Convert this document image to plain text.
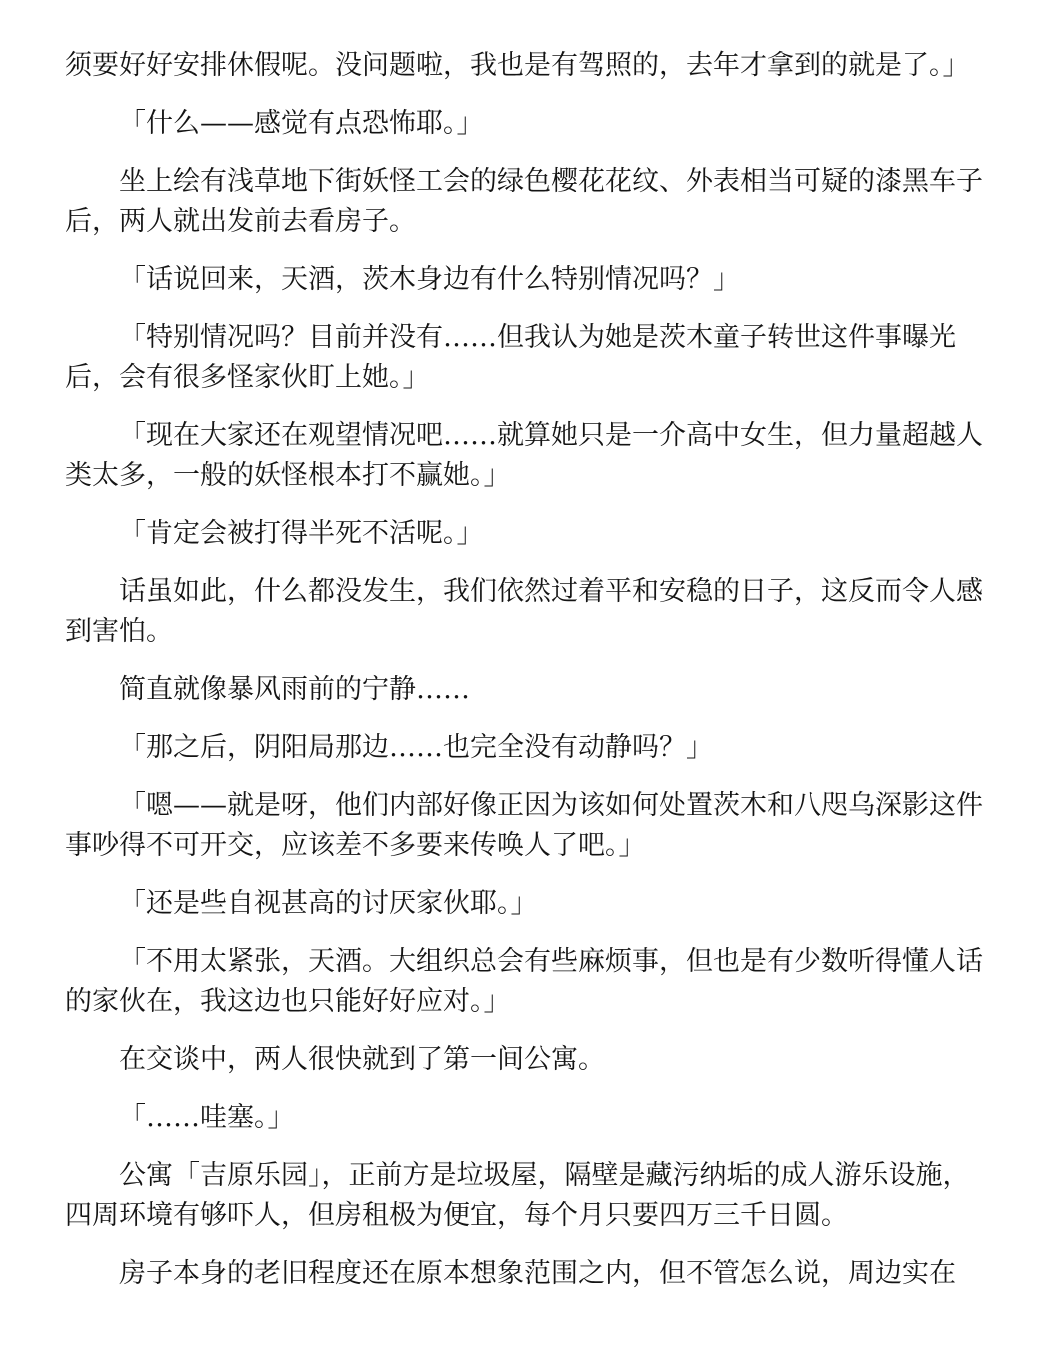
须要好好安排休假呢。没问题啦，我也是有驾照的，去年才拿到的就是了。」

「什么——感觉有点恐怖耶。」

坐上绘有浅草地下街妖怪工会的绿色樱花花纹、外表相当可疑的漆黑车子
后，两人就出发前去看房子。

「话说回来，天酒，茨木身边有什么特别情况吗？」

「特别情况吗？目前并没有……但我认为她是茨木童子转世这件事曝光
后，会有很多怪家伙盯上她。」

「现在大家还在观望情况吧……就算她只是一介高中女生，但力量超越人
类太多，一般的妖怪根本打不赢她。」

「肯定会被打得半死不活呢。」

话虽如此，什么都没发生，我们依然过着平和安稳的日子，这反而令人感
到害怕。

简直就像暴风雨前的宁静……

「那之后，阴阳局那边……也完全没有动静吗？」

「嗯——就是呀，他们内部好像正因为该如何处置茨木和八咫乌深影这件
事吵得不可开交，应该差不多要来传唤人了吧。」

「还是些自视甚高的讨厌家伙耶。」

「不用太紧张，天酒。大组织总会有些麻烦事，但也是有少数听得懂人话
的家伙在，我这边也只能好好应对。」

在交谈中，两人很快就到了第一间公寓。

「……哇塞。」

公寓「吉原乐园」，正前方是垃圾屋，隔壁是藏污纳垢的成人游乐设施，
四周环境有够吓人，但房租极为便宜，每个月只要四万三千日圆。

房子本身的老旧程度还在原本想象范围之内，但不管怎么说，周边实在
